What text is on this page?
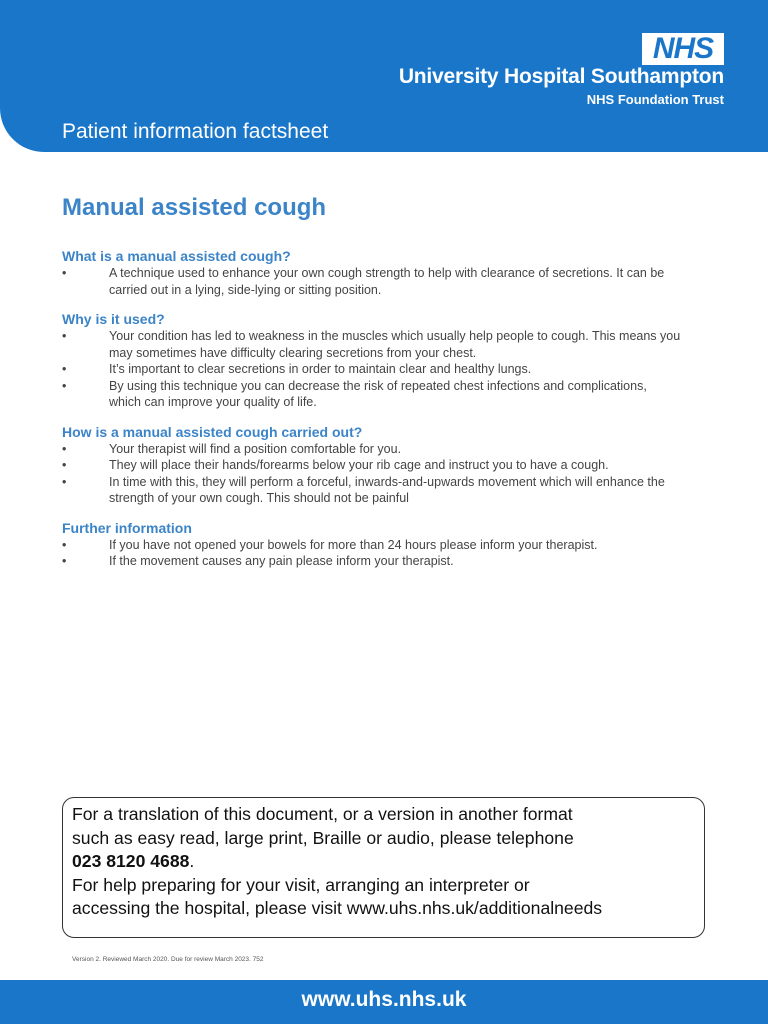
NHS
University Hospital Southampton
NHS Foundation Trust
Patient information factsheet
Manual assisted cough
What is a manual assisted cough?
•	A technique used to enhance your own cough strength to help with clearance of secretions. It can be carried out in a lying, side-lying or sitting position.
Why is it used?
•	Your condition has led to weakness in the muscles which usually help people to cough. This means you may sometimes have difficulty clearing secretions from your chest.
•	It’s important to clear secretions in order to maintain clear and healthy lungs.
•	By using this technique you can decrease the risk of repeated chest infections and complications, which can improve your quality of life.
How is a manual assisted cough carried out?
•	Your therapist will find a position comfortable for you.
•	They will place their hands/forearms below your rib cage and instruct you to have a cough.
•	In time with this, they will perform a forceful, inwards-and-upwards movement which will enhance the strength of your own cough. This should not be painful
Further information
•	If you have not opened your bowels for more than 24 hours please inform your therapist.
•	If the movement causes any pain please inform your therapist.

For a translation of this document, or a version in another format

such as easy read, large print, Braille or audio, please telephone

023 8120 4688.

For help preparing for your visit, arranging an interpreter or

accessing the hospital, please visit www.uhs.nhs.uk/additionalneeds

Version 2. Reviewed March 2020. Due for review March 2023. 752
www.uhs.nhs.uk
